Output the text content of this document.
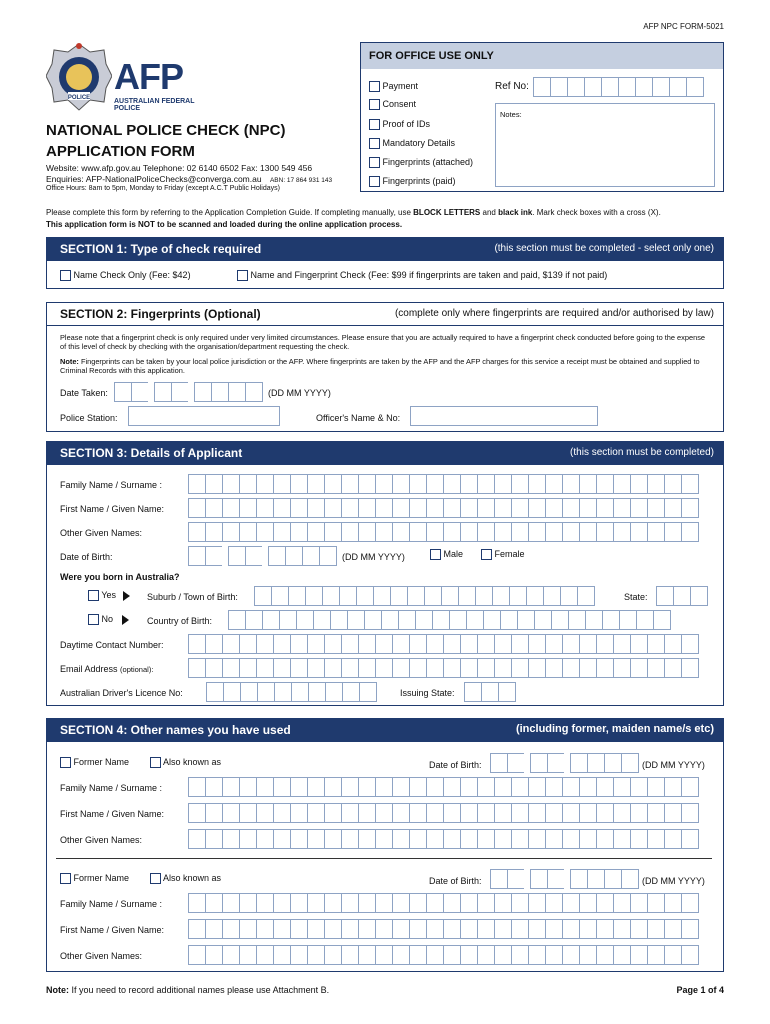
AFP NPC FORM-5021
POLICE
AFP
AUSTRALIAN FEDERAL POLICE
NATIONAL POLICE CHECK (NPC)
APPLICATION FORM
Website: www.afp.gov.au Telephone: 02 6140 6502 Fax: 1300 549 456
Enquiries: AFP-NationalPoliceChecks@converga.com.au ABN: 17 864 931 143
Office Hours: 8am to 5pm, Monday to Friday (except A.C.T Public Holidays)
FOR OFFICE USE ONLY
Payment
Consent
Proof of IDs
Mandatory Details
Fingerprints (attached)
Fingerprints (paid)
Ref No:
Notes:
Please complete this form by referring to the Application Completion Guide. If completing manually, use BLOCK LETTERS and black ink. Mark check boxes with a cross (X).
This application form is NOT to be scanned and loaded during the online application process.
SECTION 1: Type of check required	(this section must be completed - select only one)
Name Check Only (Fee: $42)	Name and Fingerprint Check (Fee: $99 if fingerprints are taken and paid, $139 if not paid)
SECTION 2: Fingerprints (Optional)	(complete only where fingerprints are required and/or authorised by law)
Please note that a fingerprint check is only required under very limited circumstances. Please ensure that you are actually required to have a fingerprint check conducted before going to the expense of this level of check by checking with the organisation/department requesting the check.
Note: Fingerprints can be taken by your local police jurisdiction or the AFP. Where fingerprints are taken by the AFP and the AFP charges for this service a receipt must be obtained and supplied to Criminal Records with this application.
Date Taken:	(DD MM YYYY)
Police Station:	Officer's Name & No:
SECTION 3: Details of Applicant	(this section must be completed)
Family Name / Surname :
First Name / Given Name:
Other Given Names:
Date of Birth:	(DD MM YYYY)	Male	Female
Were you born in Australia?
Yes	Suburb / Town of Birth:	State:
No	Country of Birth:
Daytime Contact Number:
Email Address (optional):
Australian Driver's Licence No:	Issuing State:
SECTION 4: Other names you have used	(including former, maiden name/s etc)
Former Name	Also known as	Date of Birth:	(DD MM YYYY)
Family Name / Surname :
First Name / Given Name:
Other Given Names:
Former Name	Also known as	Date of Birth:	(DD MM YYYY)
Family Name / Surname :
First Name / Given Name:
Other Given Names:
Note: If you need to record additional names please use Attachment B.	Page 1 of 4
